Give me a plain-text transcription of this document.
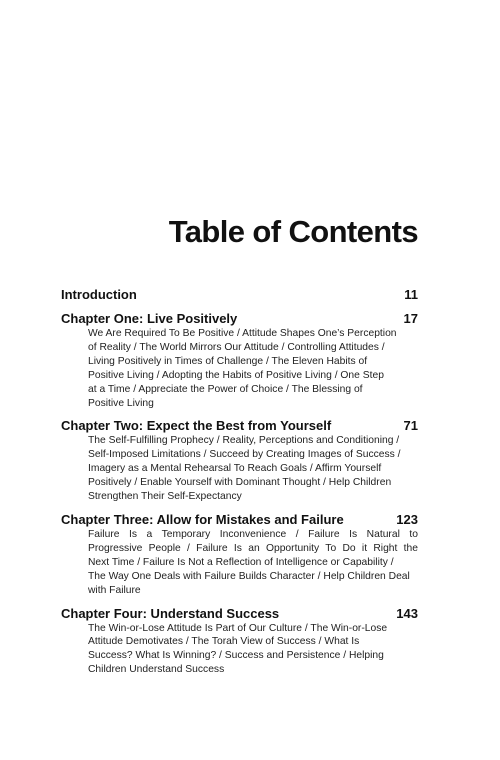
Table of Contents
Introduction	11
Chapter One: Live Positively	17
We Are Required To Be Positive / Attitude Shapes One’s Perception
of Reality / The World Mirrors Our Attitude / Controlling Attitudes /
Living Positively in Times of Challenge / The Eleven Habits of
Positive Living / Adopting the Habits of Positive Living / One Step
at a Time / Appreciate the Power of Choice / The Blessing of
Positive Living
Chapter Two: Expect the Best from Yourself	71
The Self-Fulfilling Prophecy / Reality, Perceptions and Conditioning /
Self-Imposed Limitations / Succeed by Creating Images of Success /
Imagery as a Mental Rehearsal To Reach Goals / Affirm Yourself
Positively / Enable Yourself with Dominant Thought / Help Children
Strengthen Their Self-Expectancy
Chapter Three: Allow for Mistakes and Failure	123
Failure Is a Temporary Inconvenience / Failure Is Natural to
Progressive People / Failure Is an Opportunity To Do it Right the
Next Time / Failure Is Not a Reflection of Intelligence or Capability /
The Way One Deals with Failure Builds Character / Help Children Deal
with Failure
Chapter Four: Understand Success	143
The Win-or-Lose Attitude Is Part of Our Culture / The Win-or-Lose
Attitude Demotivates / The Torah View of Success / What Is
Success? What Is Winning? / Success and Persistence / Helping
Children Understand Success
